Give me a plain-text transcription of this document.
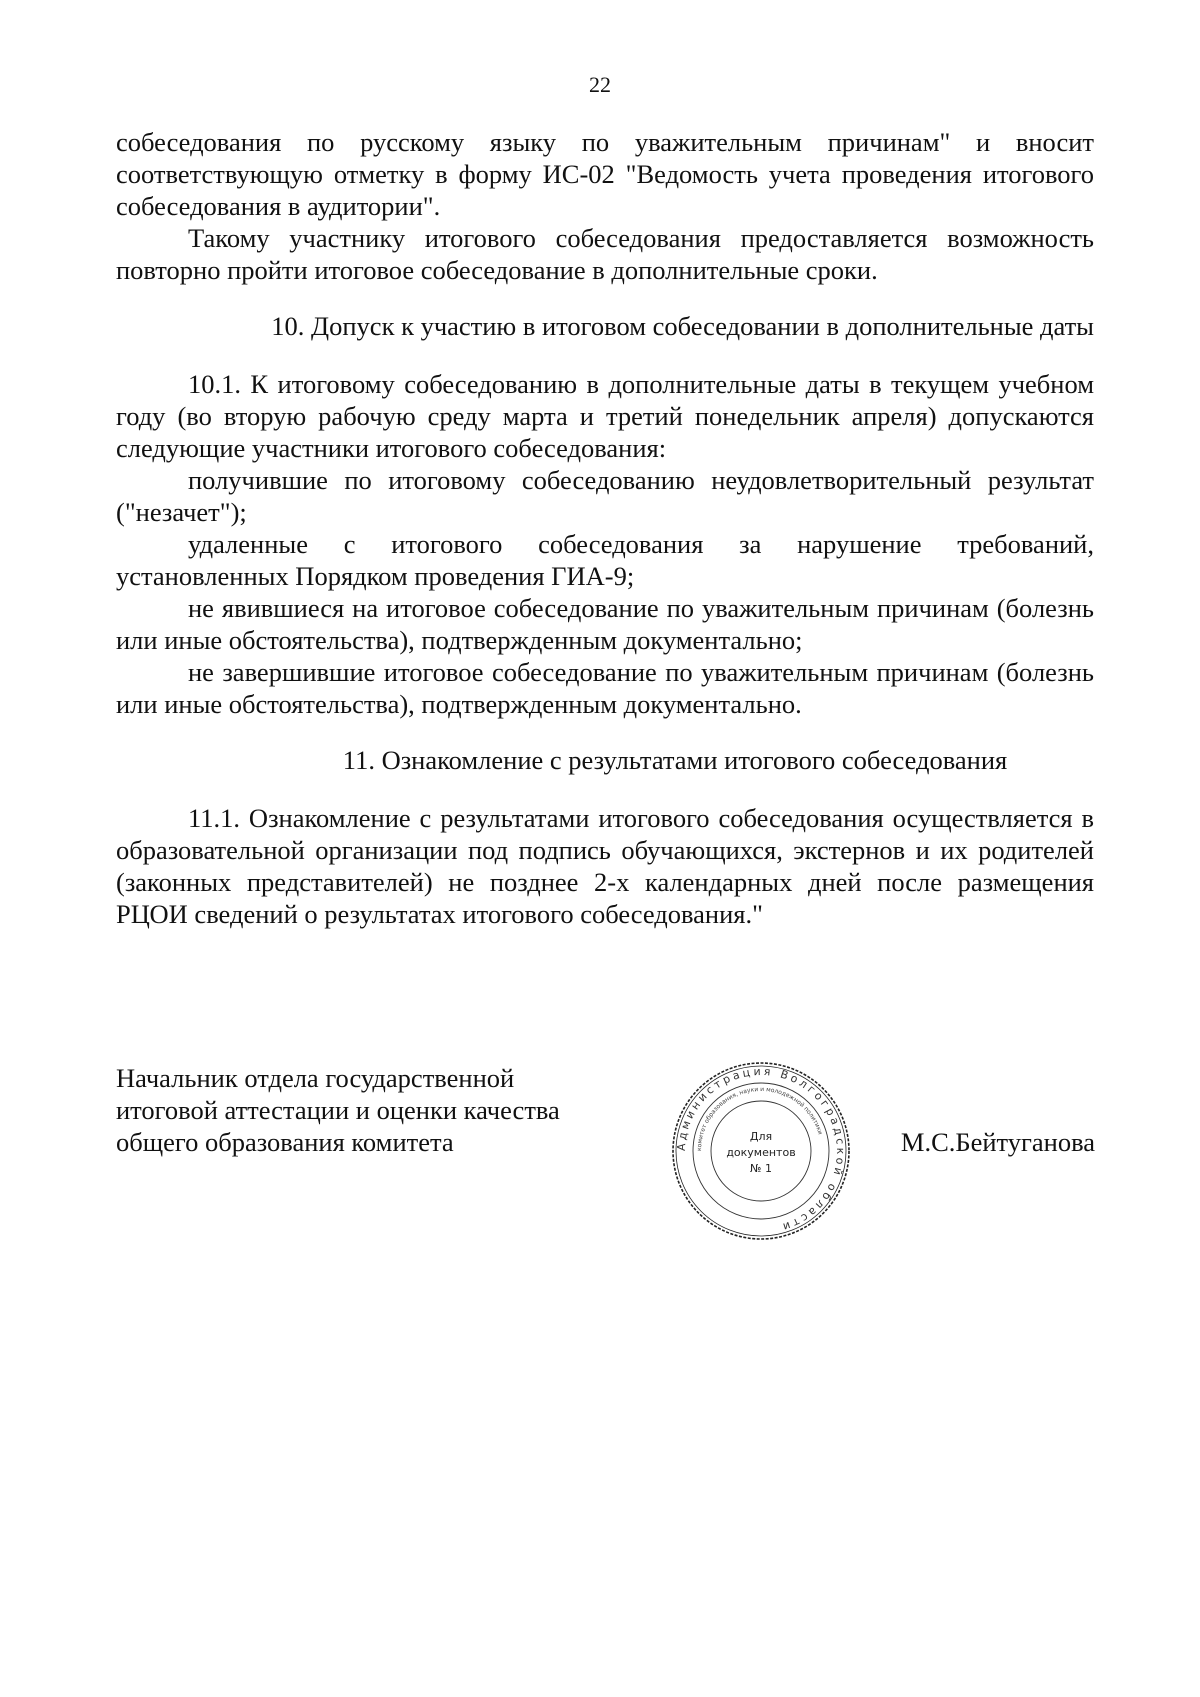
22

собеседования по русскому языку по уважительным причинам" и вносит соответствующую отметку в форму ИС-02 "Ведомость учета проведения итогового собеседования в аудитории".

Такому участнику итогового собеседования предоставляется возможность повторно пройти итоговое собеседование в дополнительные сроки.

10. Допуск к участию в итоговом собеседовании в дополнительные даты

10.1. К итоговому собеседованию в дополнительные даты в текущем учебном году (во вторую рабочую среду марта и третий понедельник апреля) допускаются следующие участники итогового собеседования:

получившие по итоговому собеседованию неудовлетворительный результат ("незачет");

удаленные с итогового собеседования за нарушение требований, установленных Порядком проведения ГИА-9;

не явившиеся на итоговое собеседование по уважительным причинам (болезнь или иные обстоятельства), подтвержденным документально;

не завершившие итоговое собеседование по уважительным причинам (болезнь или иные обстоятельства), подтвержденным документально.

11. Ознакомление с результатами итогового собеседования

11.1. Ознакомление с результатами итогового собеседования осуществляется в образовательной организации под подпись обучающихся, экстернов и их родителей (законных представителей) не позднее 2-х календарных дней после размещения РЦОИ сведений о результатах итогового собеседования."

Начальник отдела государственной
итоговой аттестации и оценки качества
общего образования комитета	Администрация Волгоградской области
комитет образования, науки и молодежной политики
Для
документов
№ 1
М.С.Бейтуганова
